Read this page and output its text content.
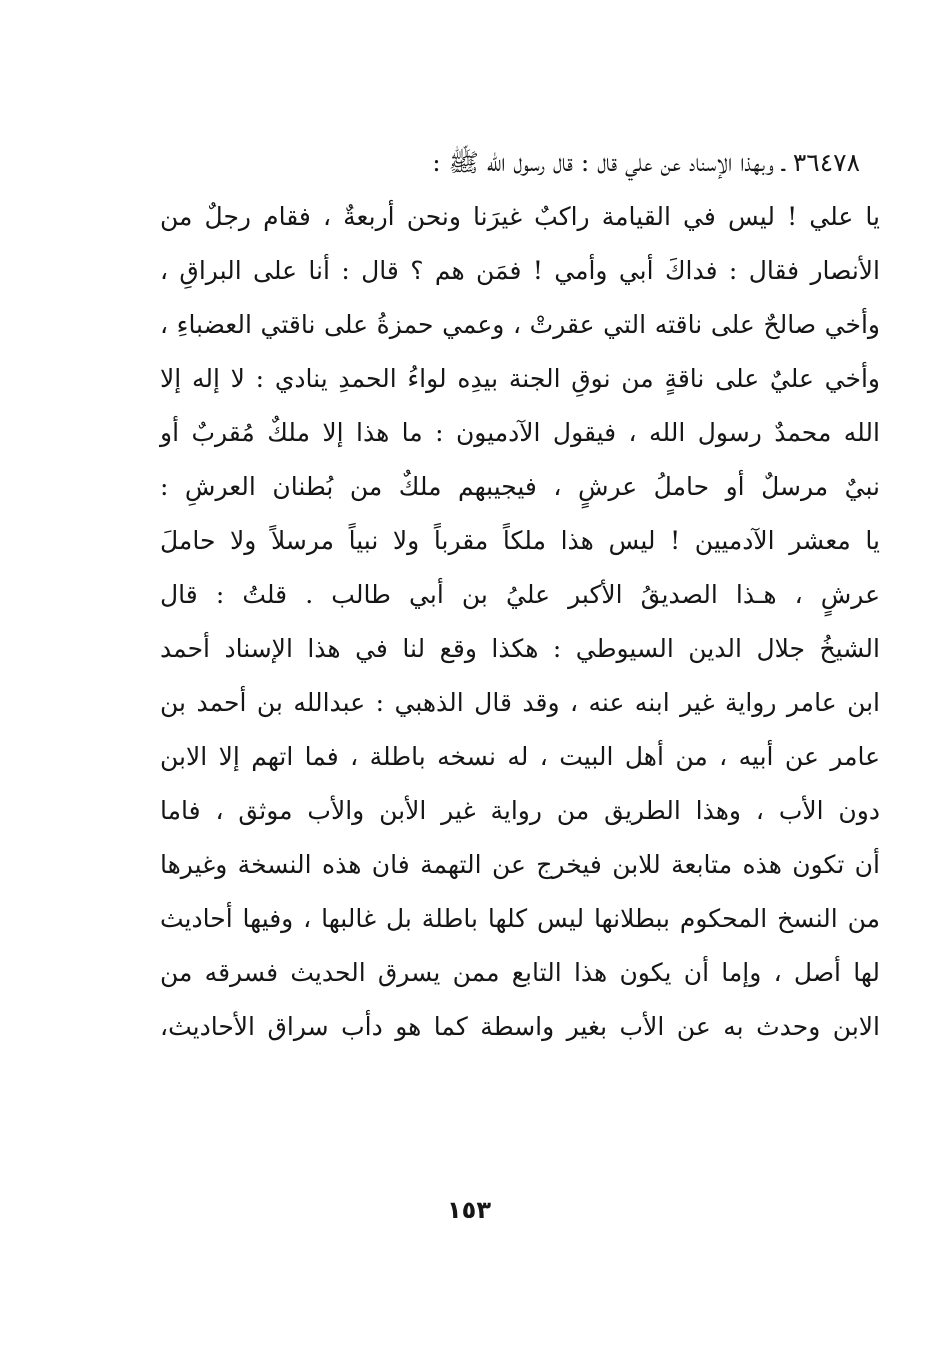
٣٦٤٧٨ ـ وبهذا الإسناد عن علي قال : قال رسول الله ﷺ :
يا علي ! ليس في القيامة راكبٌ غيرَنا ونحن أربعةٌ ، فقام رجلٌ من
الأنصار فقال : فداكَ أبي وأمي ! فمَن هم ؟ قال : أنا على البراقِ ،
وأخي صالحٌ على ناقته التي عقرتْ ، وعمي حمزةُ على ناقتي العضباءِ ،
وأخي عليٌ على ناقةٍ من نوقِ الجنة بيدِه لواءُ الحمدِ ينادي : لا إله إلا
الله محمدٌ رسول الله ، فيقول الآدميون : ما هذا إلا ملكٌ مُقربٌ أو
نبيٌ مرسلٌ أو حاملُ عرشٍ ، فيجيبهم ملكٌ من بُطنان العرشِ :
يا معشر الآدميين ! ليس هذا ملكاً مقرباً ولا نبياً مرسلاً ولا حاملَ
عرشٍ ، هـذا الصديقُ الأكبر عليُ بن أبي طالب . قلتُ : قال
الشيخُ جلال الدين السيوطي : هكذا وقع لنا في هذا الإسناد أحمد
ابن عامر رواية غير ابنه عنه ، وقد قال الذهبي : عبدالله بن أحمد بن
عامر عن أبيه ، من أهل البيت ، له نسخه باطلة ، فما اتهم إلا الابن
دون الأب ، وهذا الطريق من رواية غير الأبن والأب موثق ، فاما
أن تكون هذه متابعة للابن فيخرج عن التهمة فان هذه النسخة وغيرها
من النسخ المحكوم ببطلانها ليس كلها باطلة بل غالبها ، وفيها أحاديث
لها أصل ، وإما أن يكون هذا التابع ممن يسرق الحديث فسرقه من
الابن وحدث به عن الأب بغير واسطة كما هو دأب سراق الأحاديث،
١٥٣
